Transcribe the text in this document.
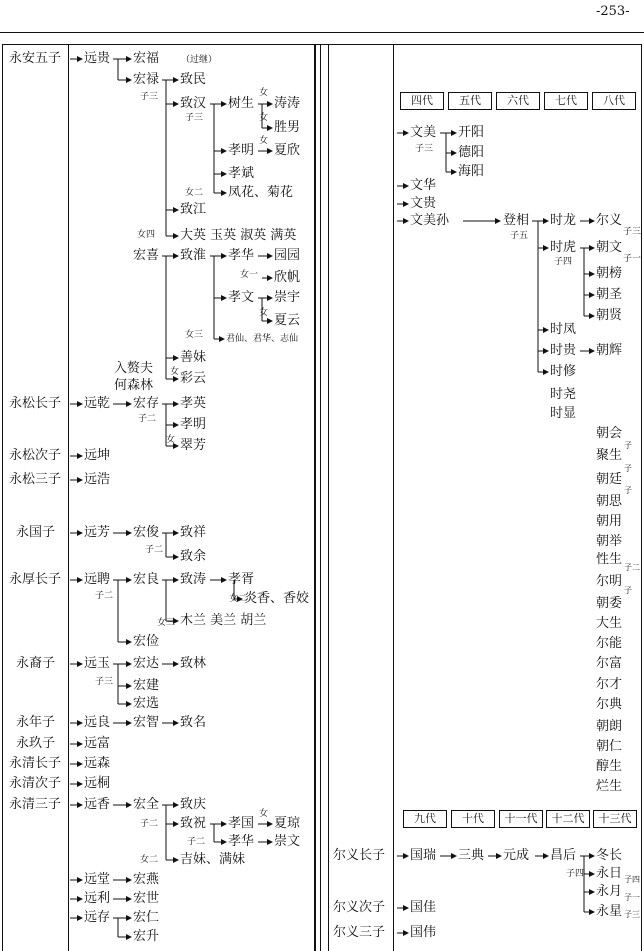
-253-
永安五子
永松长子
永松次子
永松三子
永国子
永厚长子
永裔子
永年子
永玖子
永清长子
永清次子
永清三子
远贵
远乾
远坤
远浩
远芳
远聘
远玉
远良
远富
远森
远桐
远香
远堂
远利
远存
宏福
宏禄
宏喜
宏存
宏俊
宏良
宏俭
宏达
宏建
宏选
宏智
宏全
宏燕
宏世
宏仁
宏升
致民
致汉
致江
大英 玉英 淑英 满英
致淮
善妹
彩云
孝英
孝明
翠芳
致祥
致余
致涛
木兰 美兰 胡兰
致林
致名
致庆
致祝
吉妹、满妹
树生
孝明
孝斌
凤花、菊花
孝华
孝文
君仙、君华、志仙
孝胥
炎香、香姣
孝国
孝华
涛涛
胜男
夏欣
园园
欣帆
崇宇
夏云
夏琼
崇文
（过继）
子三
子三
女
女
女
女二
女四
女一
女
女三
入赘夫
何森林
女
子二
女
子二
子二	女二
女三
子三
子二
子二
女
女二
四代	五代	六代	七代	八代
文美
文华
文贵
文美孙
开阳
德阳
海阳
登相 时龙
时虎
时凤
时贵
时修
时尧
时显
尔义
朝文
朝榜
朝圣
朝贤
朝辉
朝会
聚生
朝廷
朝思
朝用
朝举
性生
尔明
朝委
大生
尔能
尔富
尔才
尔典
朝朗
朝仁
醇生
烂生
子三
子五
子四
子三
子一
子
子
子
子二
子
九代	十代	十一代	十二代	十三代
尔义长子
尔义次子
尔义三子
国瑞 三典 元成 昌后 冬长
永日
永月
永星
国佳
国伟
子四
子四
子一
子三
